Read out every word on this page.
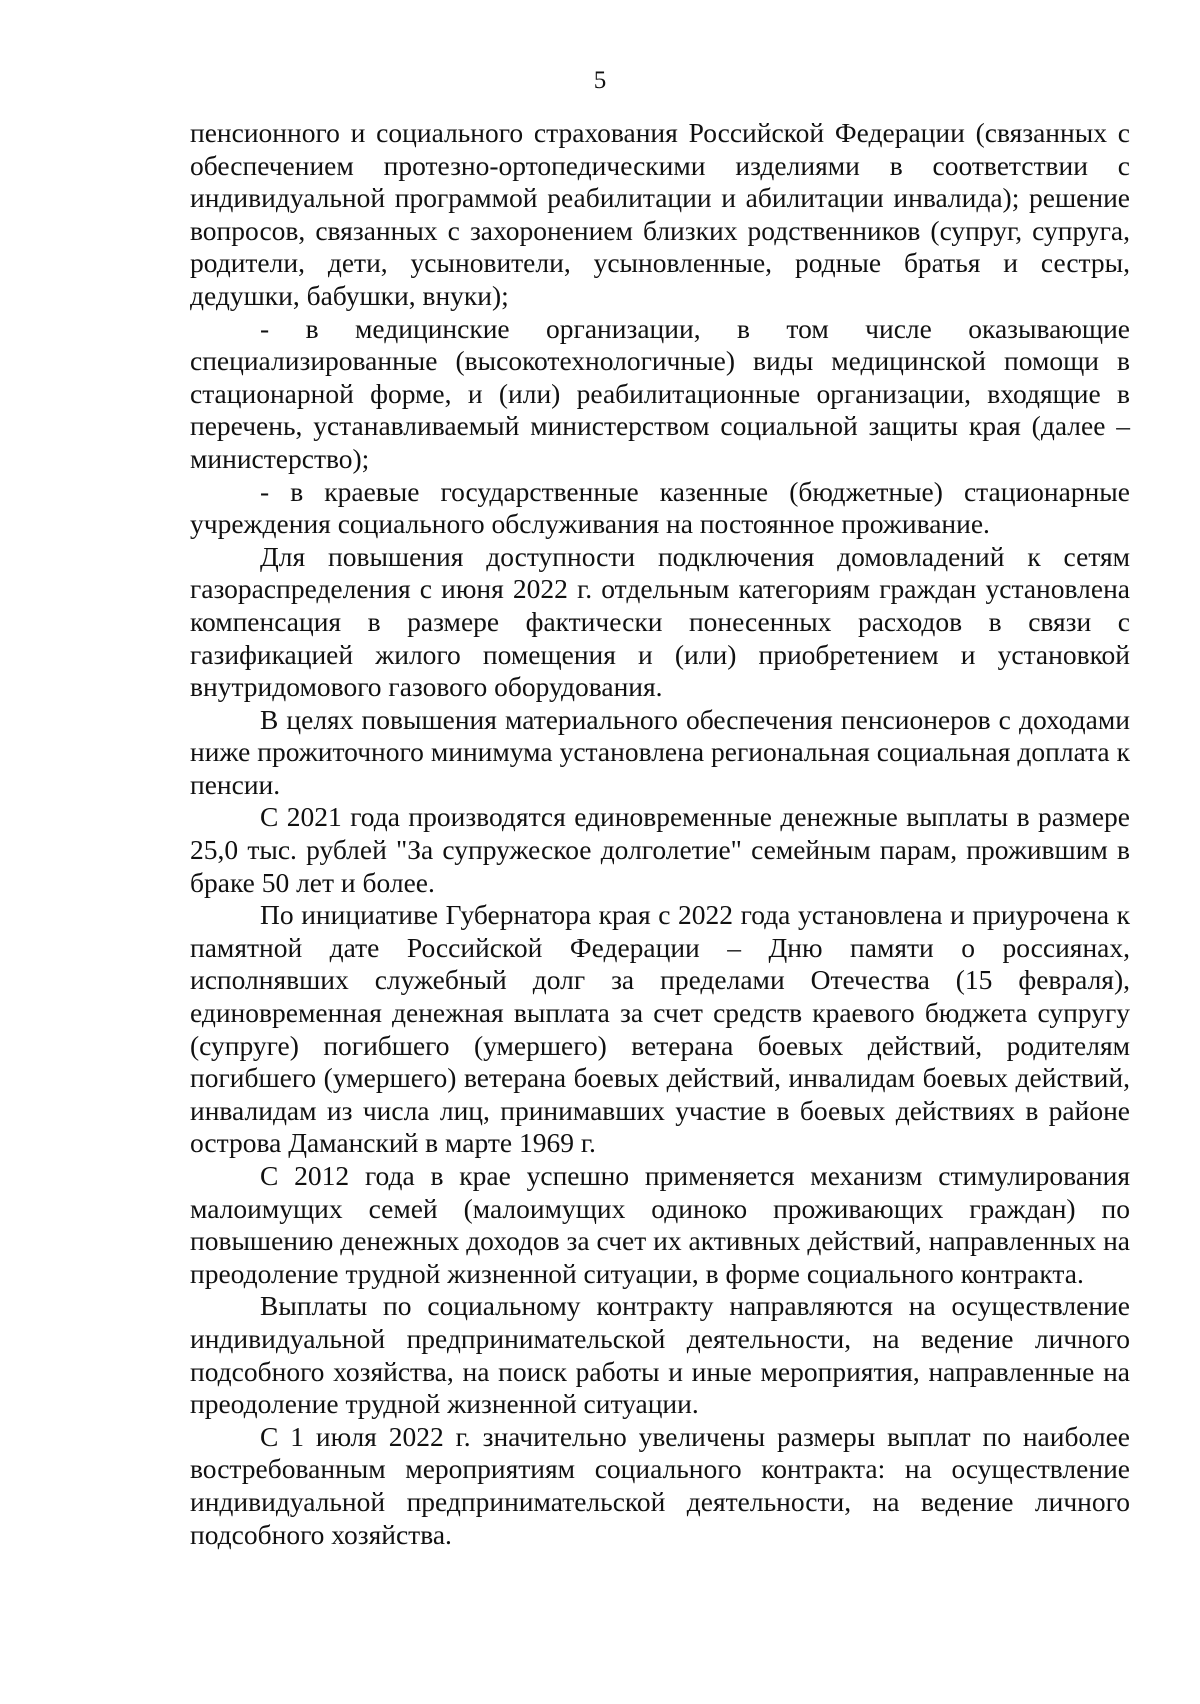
5

пенсионного и социального страхования Российской Федерации (связанных с обеспечением протезно-ортопедическими изделиями в соответствии с индивидуальной программой реабилитации и абилитации инвалида); решение вопросов, связанных с захоронением близких родственников (супруг, супруга, родители, дети, усыновители, усыновленные, родные братья и сестры, дедушки, бабушки, внуки);

- в медицинские организации, в том числе оказывающие специализированные (высокотехнологичные) виды медицинской помощи в стационарной форме, и (или) реабилитационные организации, входящие в перечень, устанавливаемый министерством социальной защиты края (далее – министерство);

- в краевые государственные казенные (бюджетные) стационарные учреждения социального обслуживания на постоянное проживание.

Для повышения доступности подключения домовладений к сетям газораспределения с июня 2022 г. отдельным категориям граждан установлена компенсация в размере фактически понесенных расходов в связи с газификацией жилого помещения и (или) приобретением и установкой внутридомового газового оборудования.

В целях повышения материального обеспечения пенсионеров с доходами ниже прожиточного минимума установлена региональная социальная доплата к пенсии.

С 2021 года производятся единовременные денежные выплаты в размере 25,0 тыс. рублей "За супружеское долголетие" семейным парам, прожившим в браке 50 лет и более.

По инициативе Губернатора края с 2022 года установлена и приурочена к памятной дате Российской Федерации – Дню памяти о россиянах, исполнявших служебный долг за пределами Отечества (15 февраля), единовременная денежная выплата за счет средств краевого бюджета супругу (супруге) погибшего (умершего) ветерана боевых действий, родителям погибшего (умершего) ветерана боевых действий, инвалидам боевых действий, инвалидам из числа лиц, принимавших участие в боевых действиях в районе острова Даманский в марте 1969 г.

С 2012 года в крае успешно применяется механизм стимулирования малоимущих семей (малоимущих одиноко проживающих граждан) по повышению денежных доходов за счет их активных действий, направленных на преодоление трудной жизненной ситуации, в форме социального контракта.

Выплаты по социальному контракту направляются на осуществление индивидуальной предпринимательской деятельности, на ведение личного подсобного хозяйства, на поиск работы и иные мероприятия, направленные на преодоление трудной жизненной ситуации.

С 1 июля 2022 г. значительно увеличены размеры выплат по наиболее востребованным мероприятиям социального контракта: на осуществление индивидуальной предпринимательской деятельности, на ведение личного подсобного хозяйства.
